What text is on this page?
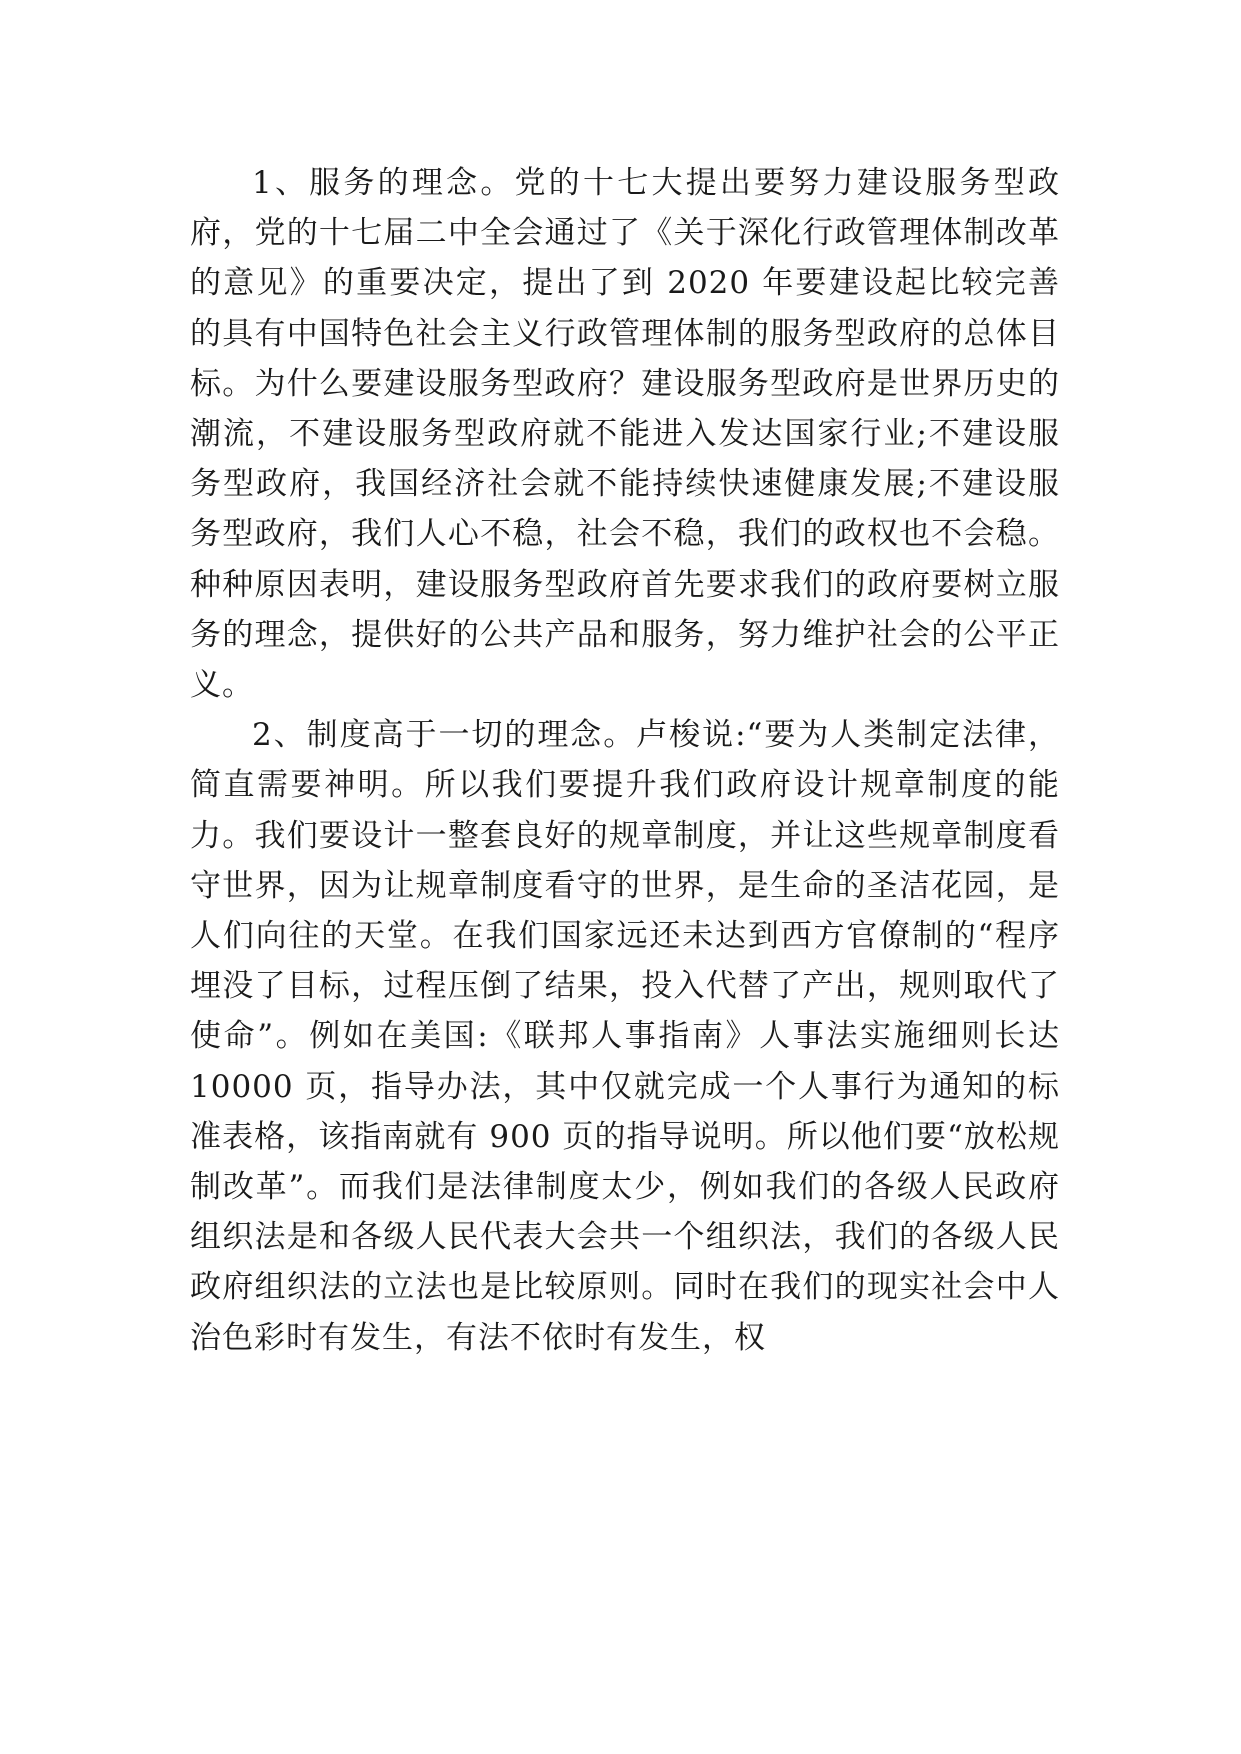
1、服务的理念。党的十七大提出要努力建设服务型政府，党的十七届二中全会通过了《关于深化行政管理体制改革的意见》的重要决定，提出了到 2020 年要建设起比较完善的具有中国特色社会主义行政管理体制的服务型政府的总体目标。为什么要建设服务型政府？建设服务型政府是世界历史的潮流，不建设服务型政府就不能进入发达国家行业;不建设服务型政府，我国经济社会就不能持续快速健康发展;不建设服务型政府，我们人心不稳，社会不稳，我们的政权也不会稳。种种原因表明，建设服务型政府首先要求我们的政府要树立服务的理念，提供好的公共产品和服务，努力维护社会的公平正义。

2、制度高于一切的理念。卢梭说:“要为人类制定法律，简直需要神明。所以我们要提升我们政府设计规章制度的能力。我们要设计一整套良好的规章制度，并让这些规章制度看守世界，因为让规章制度看守的世界，是生命的圣洁花园，是人们向往的天堂。在我们国家远还未达到西方官僚制的“程序埋没了目标，过程压倒了结果，投入代替了产出，规则取代了使命”。例如在美国:《联邦人事指南》人事法实施细则长达 10000 页，指导办法，其中仅就完成一个人事行为通知的标准表格，该指南就有 900 页的指导说明。所以他们要“放松规制改革”。而我们是法律制度太少，例如我们的各级人民政府组织法是和各级人民代表大会共一个组织法，我们的各级人民政府组织法的立法也是比较原则。同时在我们的现实社会中人治色彩时有发生，有法不依时有发生，权
